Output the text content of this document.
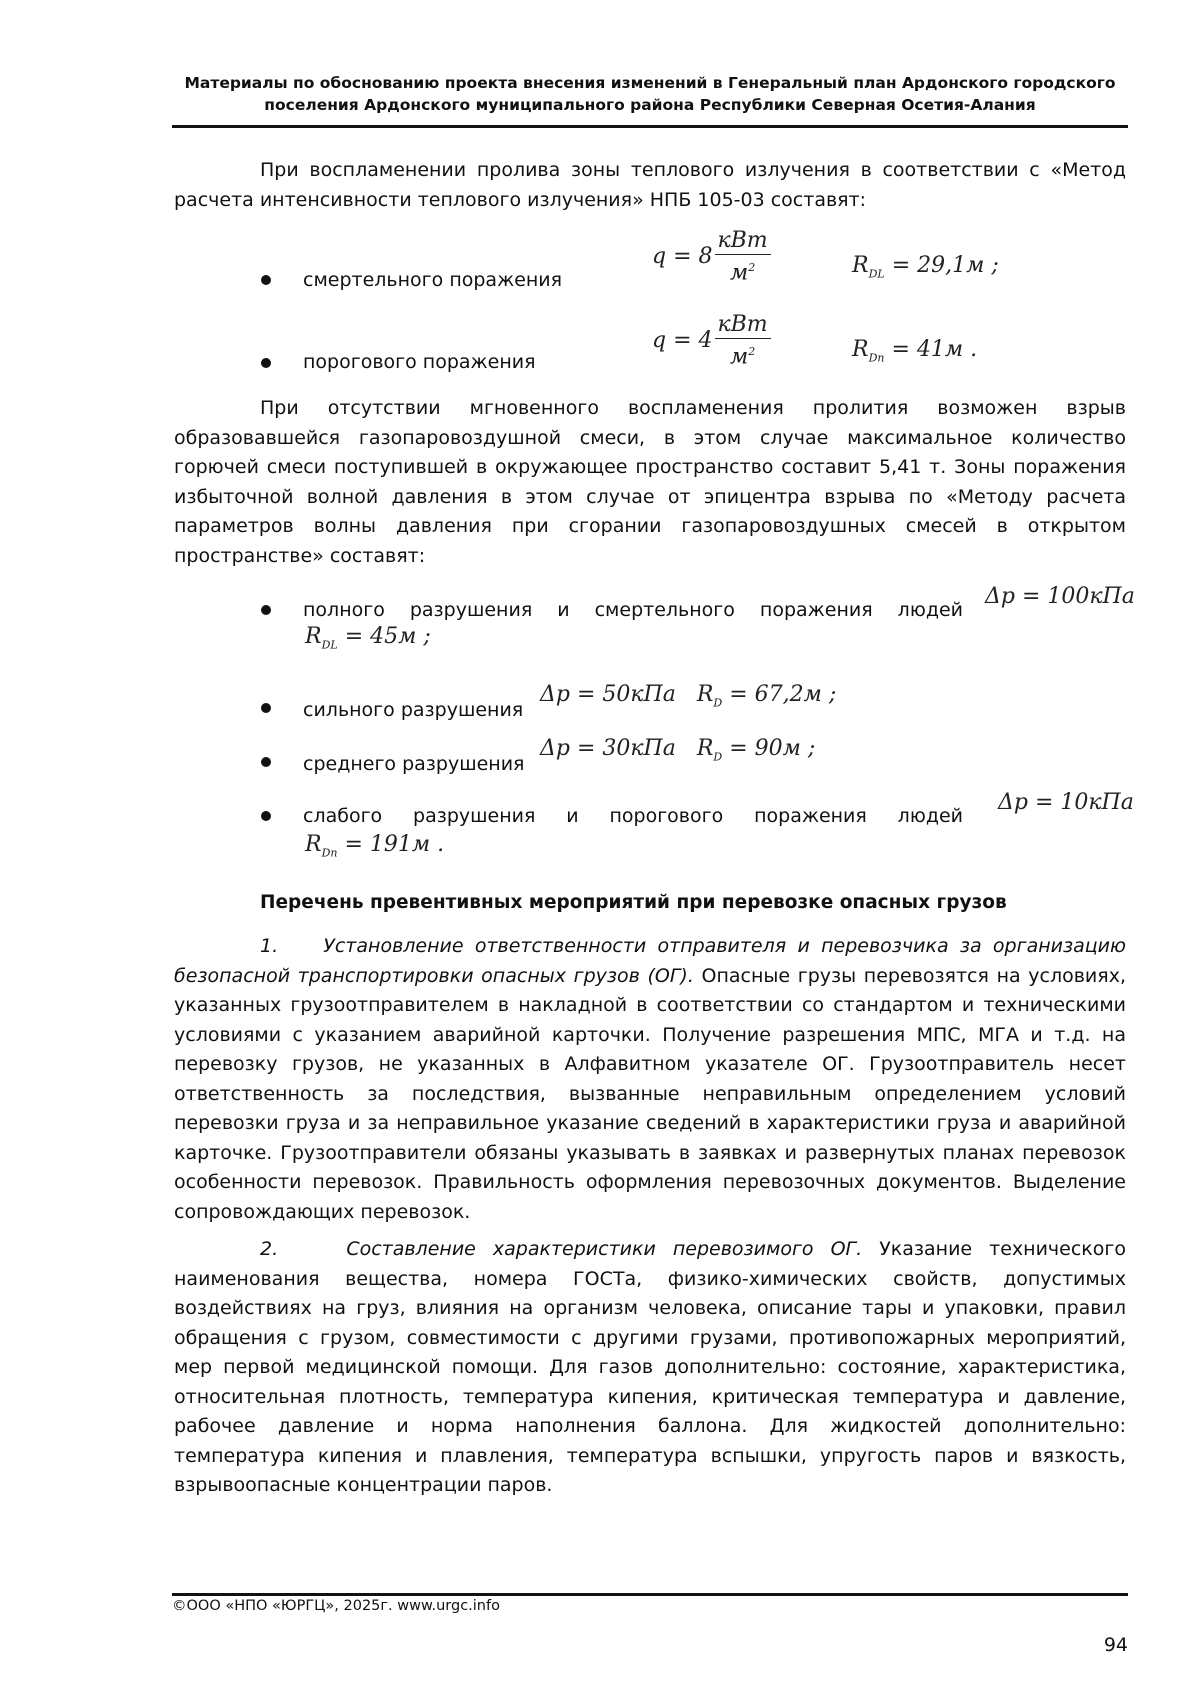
Материалы по обоснованию проекта внесения изменений в Генеральный план Ардонского городского
поселения Ардонского муниципального района Республики Северная Осетия-Алания
При воспламенении пролива зоны теплового излучения в соответствии с «Метод
расчета интенсивности теплового излучения» НПБ 105-03 составят:
смертельного поражения
$q = 8 \frac{\text{кВт}}{м^2}$	$R_{DL} = 29,1м$ ;
порогового поражения
$q = 4 \frac{\text{кВт}}{м^2}$	$R_{Dп} = 41м$ .
При отсутствии мгновенного воспламенения пролития возможен взрыв образовавшейся газопаровоздушной смеси, в этом случае максимальное количество горючей смеси поступившей в окружающее пространство составит 5,41 т. Зоны поражения избыточной волной давления в этом случае от эпицентра взрыва по «Методу расчета параметров волны давления при сгорании газопаровоздушных смесей в открытом пространстве» составят:
полного разрушения и смертельного поражения людей
Δp = 100кПа
$R_{DL} = 45м$ ;
сильного разрушения
Δp = 50кПа $R_D = 67,2м$ ;
среднего разрушения
Δp = 30кПа $R_D = 90м$ ;
слабого разрушения и порогового поражения людей
Δp = 10кПа
$R_{Dп} = 191м$ .
Перечень превентивных мероприятий при перевозке опасных грузов
1. Установление ответственности отправителя и перевозчика за организацию безопасной транспортировки опасных грузов (ОГ). Опасные грузы перевозятся на условиях, указанных грузоотправителем в накладной в соответствии со стандартом и техническими условиями с указанием аварийной карточки. Получение разрешения МПС, МГА и т.д. на перевозку грузов, не указанных в Алфавитном указателе ОГ. Грузоотправитель несет ответственность за последствия, вызванные неправильным определением условий перевозки груза и за неправильное указание сведений в характеристики груза и аварийной карточке. Грузоотправители обязаны указывать в заявках и развернутых планах перевозок особенности перевозок. Правильность оформления перевозочных документов. Выделение сопровождающих перевозок.
2.	Составление характеристики перевозимого ОГ. Указание технического наименования вещества, номера ГОСТа, физико-химических свойств, допустимых воздействиях на груз, влияния на организм человека, описание тары и упаковки, правил обращения с грузом, совместимости с другими грузами, противопожарных мероприятий, мер первой медицинской помощи. Для газов дополнительно: состояние, характеристика, относительная плотность, температура кипения, критическая температура и давление, рабочее давление и норма наполнения баллона. Для жидкостей дополнительно: температура кипения и плавления, температура вспышки, упругость паров и вязкость, взрывоопасные концентрации паров.
©ООО «НПО «ЮРГЦ», 2025г. www.urgc.info
94
